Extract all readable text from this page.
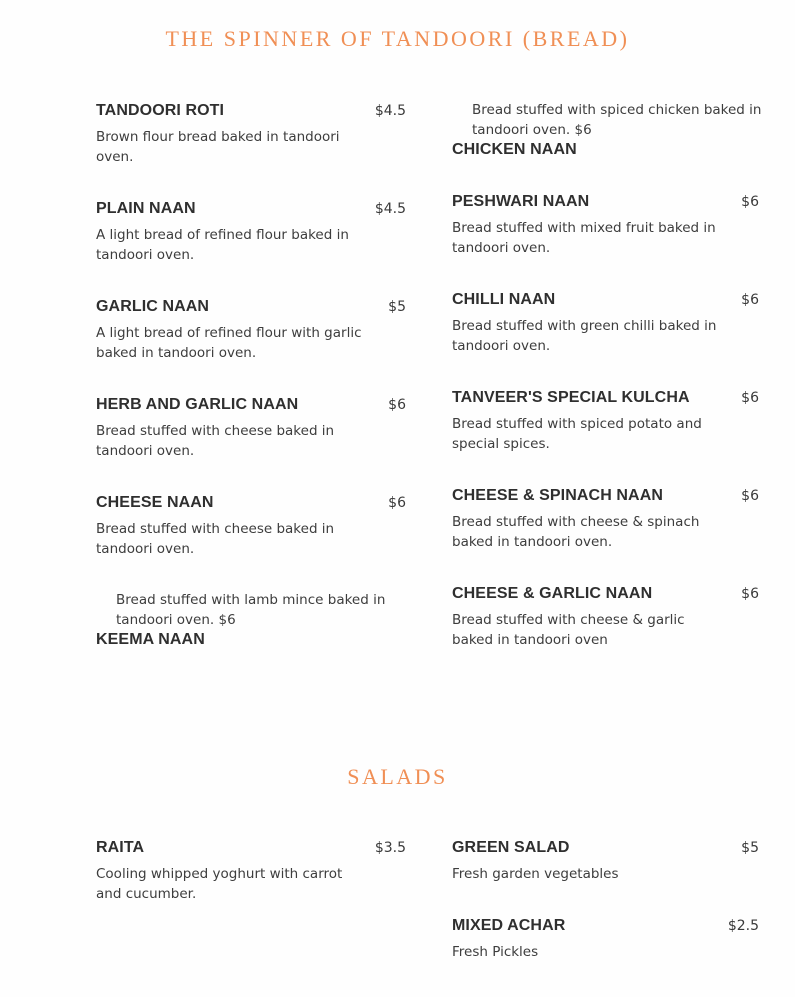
THE SPINNER OF TANDOORI (BREAD)
TANDOORI ROTI	$4.5
Brown flour bread baked in tandoori oven.
PLAIN NAAN	$4.5
A light bread of refined flour baked in tandoori oven.
GARLIC NAAN	$5
A light bread of refined flour with garlic baked in tandoori oven.
HERB AND GARLIC NAAN	$6
Bread stuffed with cheese baked in tandoori oven.
CHEESE NAAN	$6
Bread stuffed with cheese baked in tandoori oven.
Bread stuffed with lamb mince baked in tandoori oven. $6
KEEMA NAAN
Bread stuffed with spiced chicken baked in tandoori oven. $6
CHICKEN NAAN
PESHWARI NAAN	$6
Bread stuffed with mixed fruit baked in tandoori oven.
CHILLI NAAN	$6
Bread stuffed with green chilli baked in tandoori oven.
TANVEER'S SPECIAL KULCHA	$6
Bread stuffed with spiced potato and special spices.
CHEESE & SPINACH NAAN	$6
Bread stuffed with cheese & spinach baked in tandoori oven.
CHEESE & GARLIC NAAN	$6
Bread stuffed with cheese & garlic baked in tandoori oven
SALADS
RAITA	$3.5
Cooling whipped yoghurt with carrot and cucumber.
GREEN SALAD	$5
Fresh garden vegetables
MIXED ACHAR	$2.5
Fresh Pickles
